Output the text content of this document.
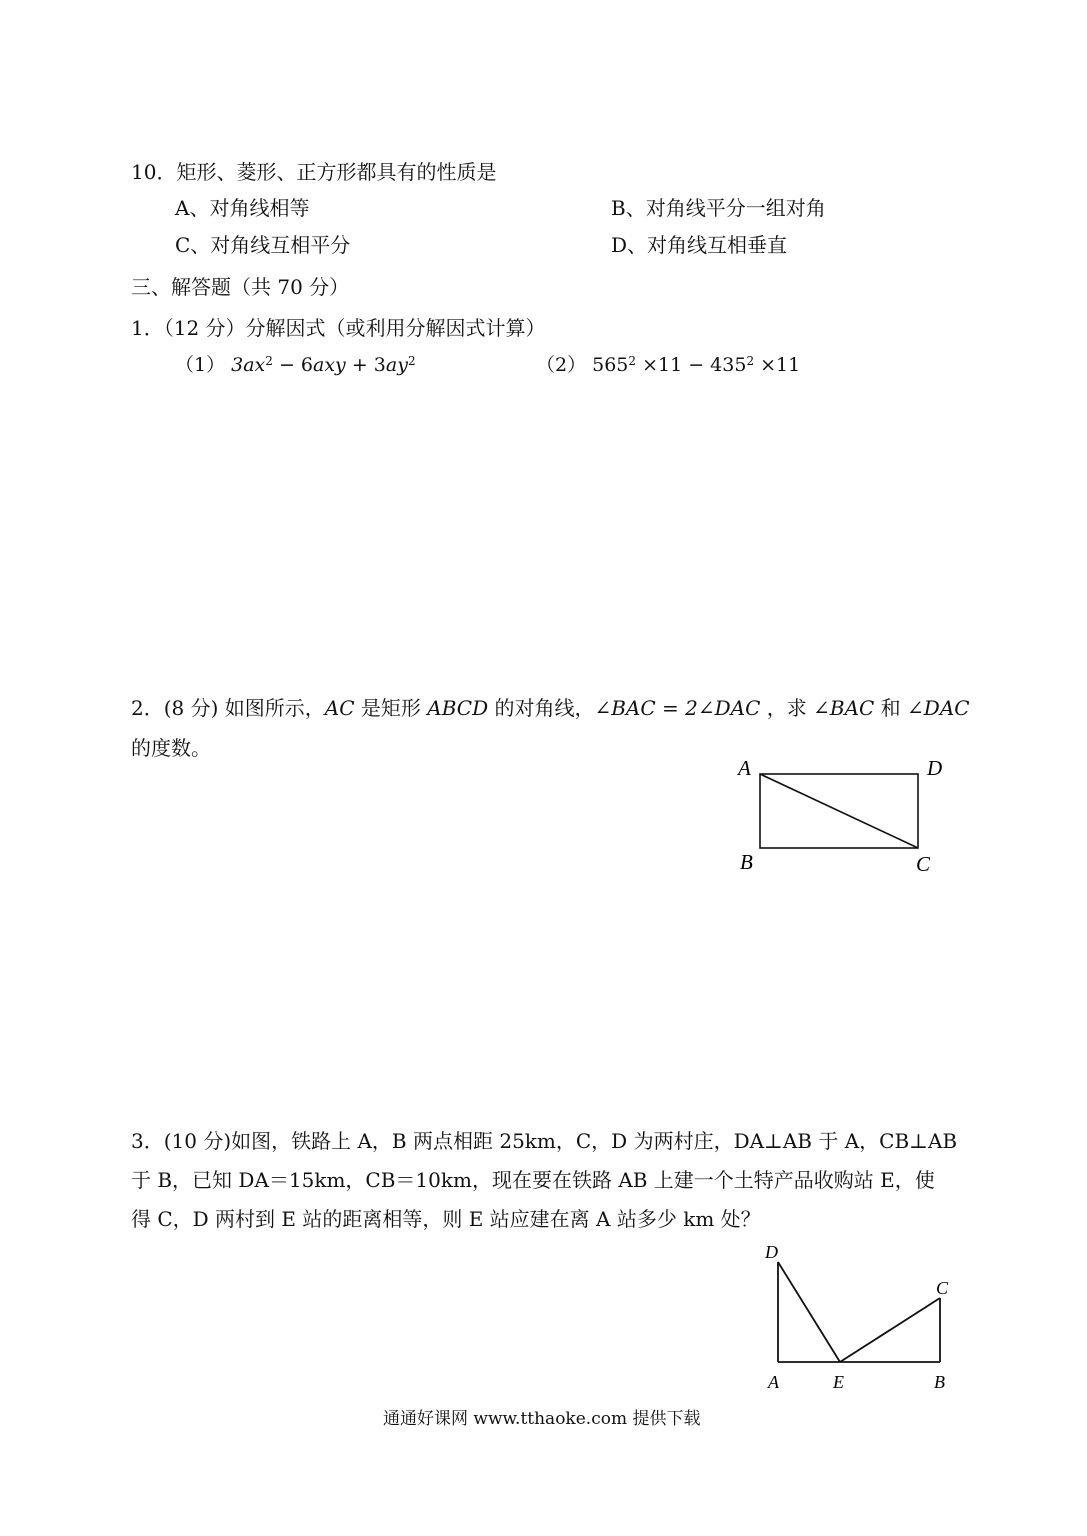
10．矩形、菱形、正方形都具有的性质是
A、对角线相等	B、对角线平分一组对角
C、对角线互相平分	D、对角线互相垂直
三、解答题（共 70 分）
1．（12 分）分解因式（或利用分解因式计算）
（1） $3ax^2 - 6axy + 3ay^2$	（2） $565^2 \times 11 - 435^2 \times 11$
2．(8 分) 如图所示，AC 是矩形 ABCD 的对角线，∠BAC = 2∠DAC ，求 ∠BAC 和 ∠DAC
的度数。
A	D
B	C
3．(10 分)如图，铁路上 A，B 两点相距 25km，C，D 为两村庄，DA⊥AB 于 A，CB⊥AB
于 B，已知 DA＝15km，CB＝10km，现在要在铁路 AB 上建一个土特产品收购站 E，使
得 C，D 两村到 E 站的距离相等，则 E 站应建在离 A 站多少 km 处？
D
C
A	E	B
通通好课网 www.tthaoke.com 提供下载
